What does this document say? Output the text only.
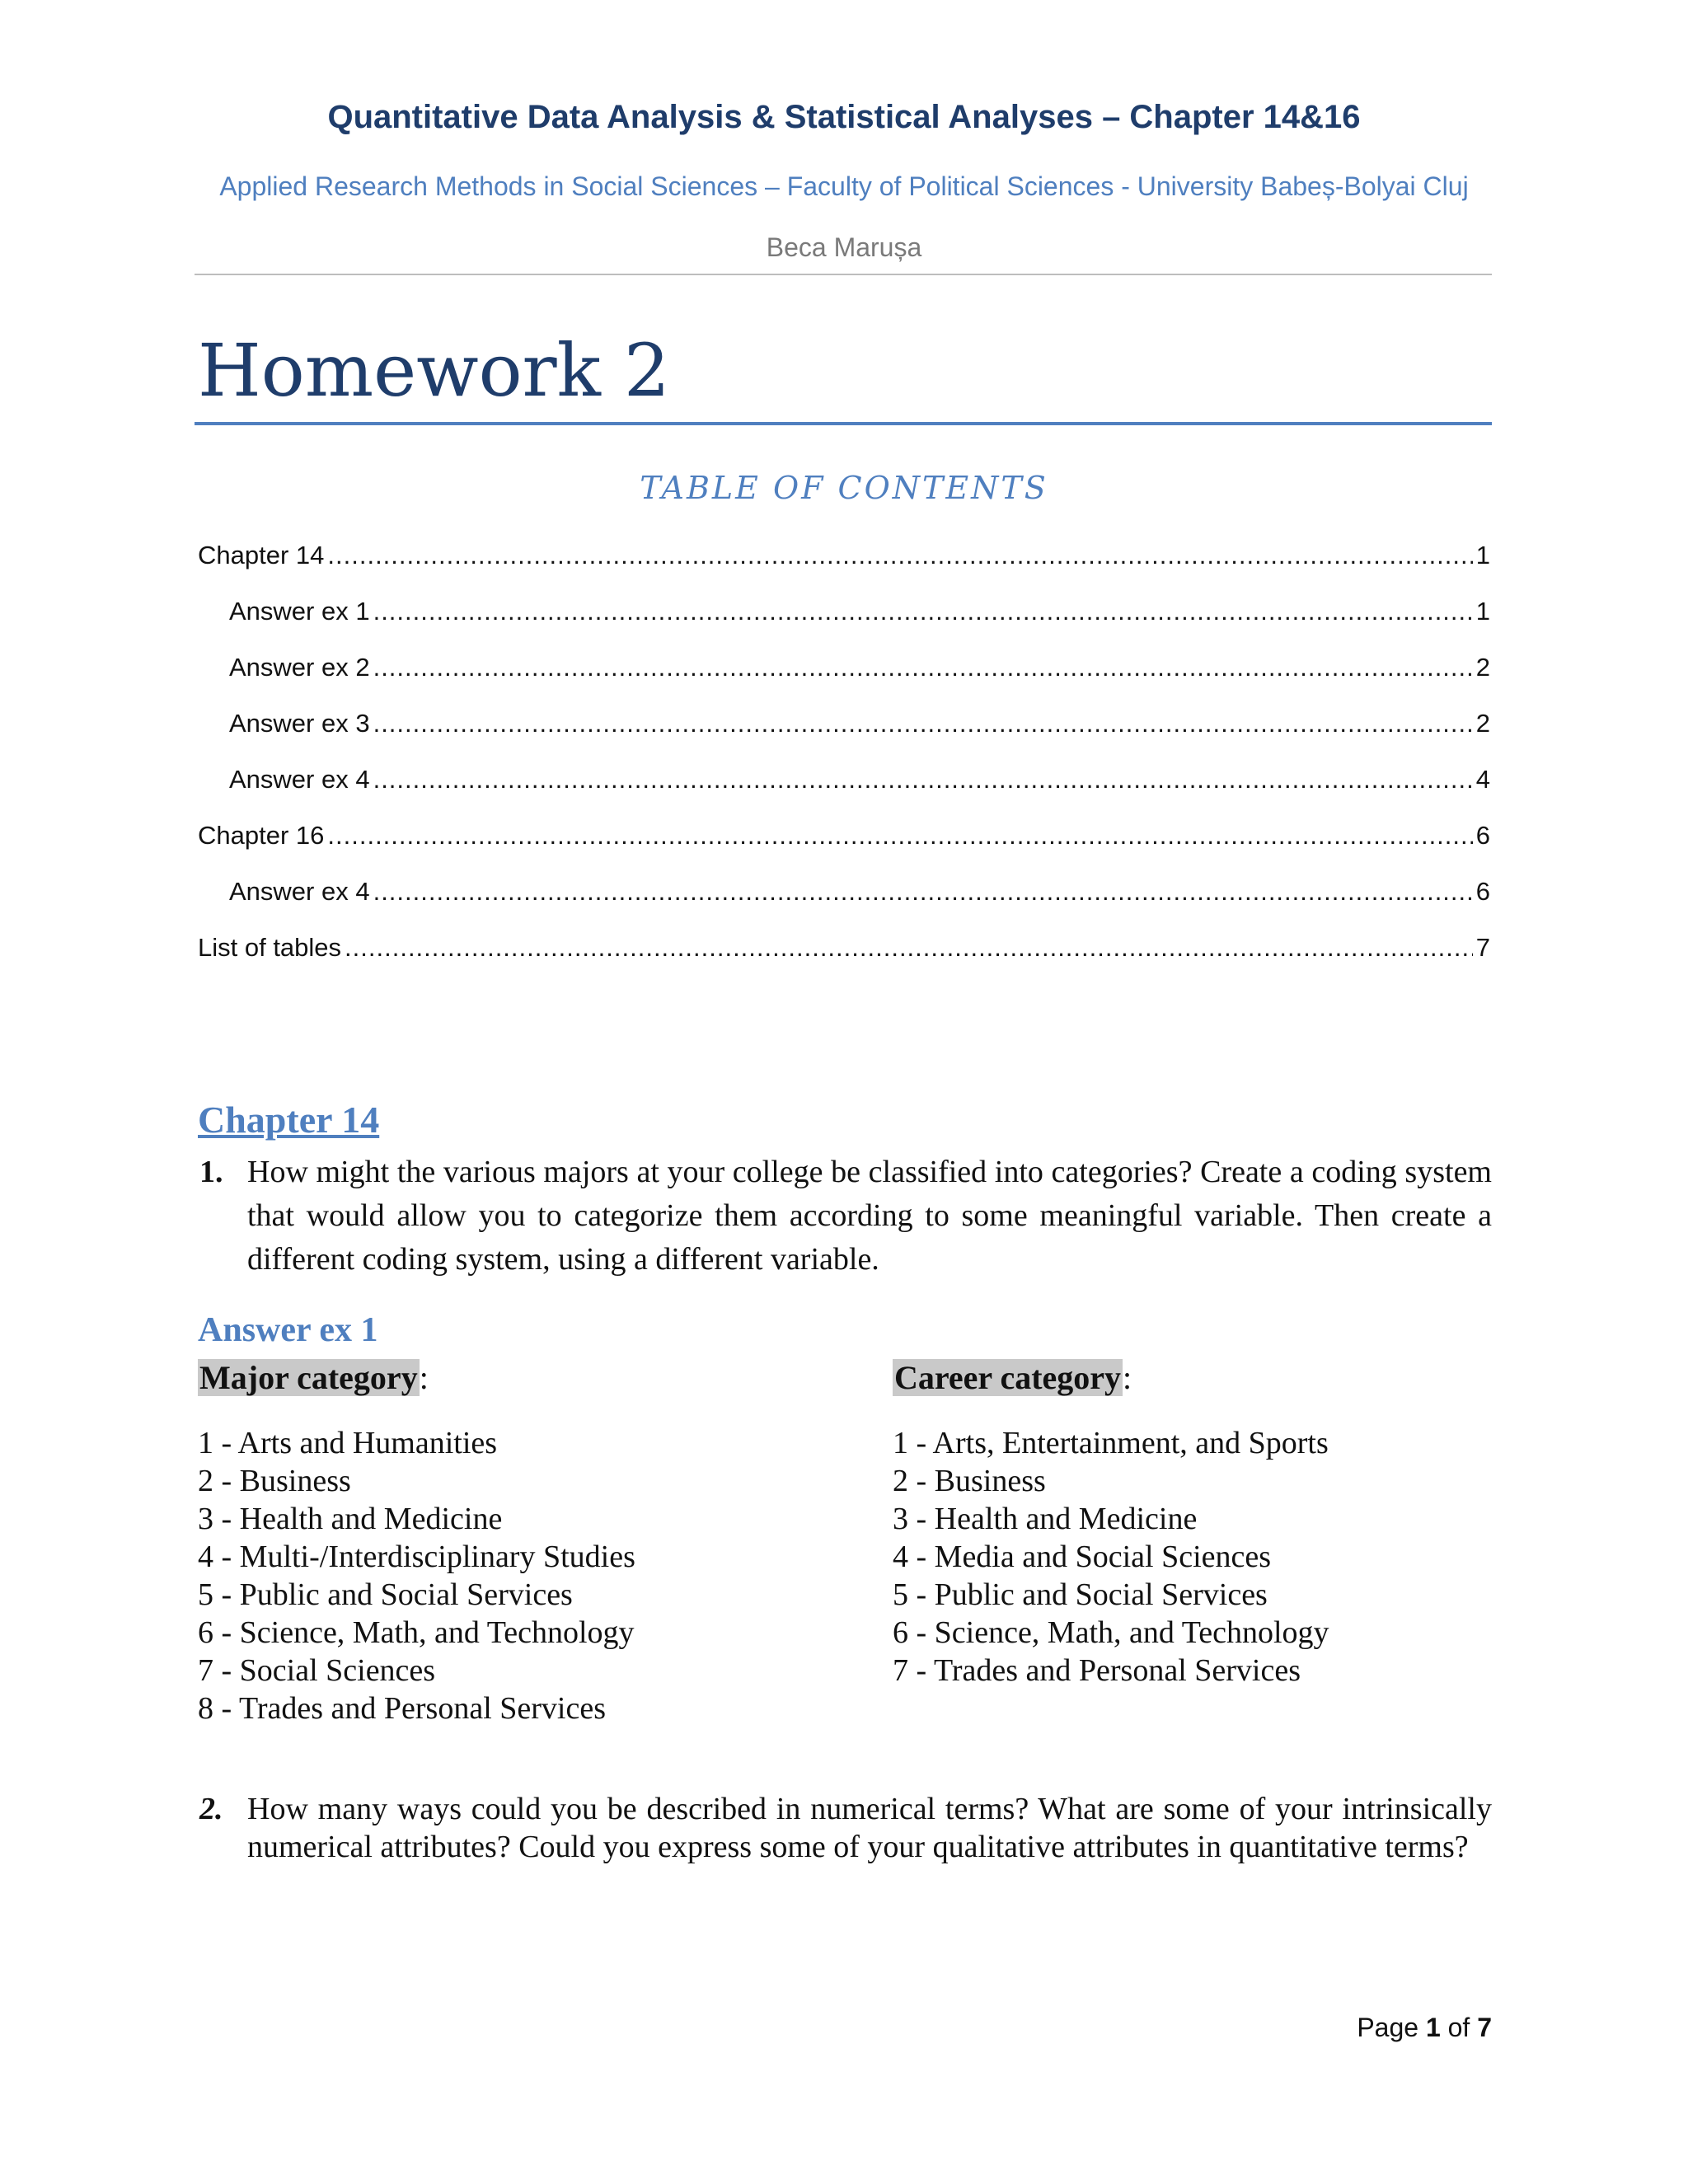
Quantitative Data Analysis & Statistical Analyses – Chapter 14&16
Applied Research Methods in Social Sciences – Faculty of Political Sciences - University Babeș-Bolyai Cluj
Beca Marușa
Homework 2
TABLE OF CONTENTS
Chapter 14 .....	1
Answer ex 1 .....	1
Answer ex 2 .....	2
Answer ex 3 .....	2
Answer ex 4 .....	4
Chapter 16 .....	6
Answer ex 4 .....	6
List of tables .....	7
Chapter 14
1. How might the various majors at your college be classified into categories? Create a coding system that would allow you to categorize them according to some meaningful variable. Then create a different coding system, using a different variable.
Answer ex 1
Major category:	Career category:
1 - Arts and Humanities
2 - Business
3 - Health and Medicine
4 - Multi-/Interdisciplinary Studies
5 - Public and Social Services
6 - Science, Math, and Technology
7 - Social Sciences
8 - Trades and Personal Services
1 - Arts, Entertainment, and Sports
2 - Business
3 - Health and Medicine
4 - Media and Social Sciences
5 - Public and Social Services
6 - Science, Math, and Technology
7 - Trades and Personal Services
2. How many ways could you be described in numerical terms? What are some of your intrinsically numerical attributes? Could you express some of your qualitative attributes in quantitative terms?
Page 1 of 7
